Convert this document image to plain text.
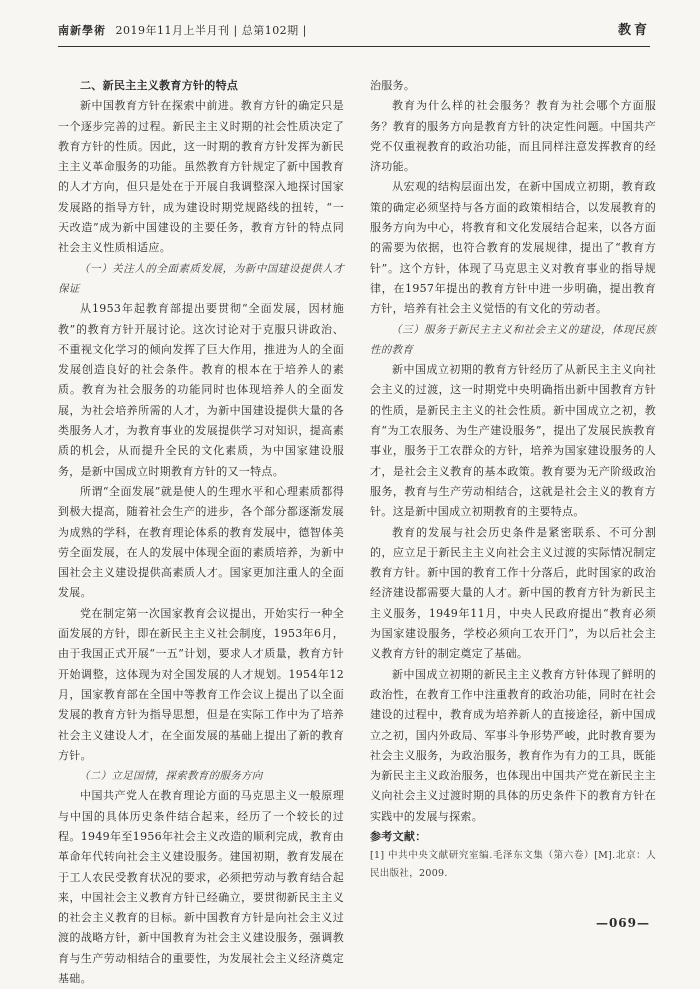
南新學術 2019年11月上半月刊 | 总第102期 |	教育
二、新民主主义教育方针的特点

新中国教育方针在探索中前进。教育方针的确定只是一个逐步完善的过程。新民主主义时期的社会性质决定了教育方针的性质。因此，这一时期的教育方针发挥为新民主主义革命服务的功能。虽然教育方针规定了新中国教育的人才方向，但只是处在于开展自我调整深入地探讨国家发展路的指导方针，成为建设时期党规路线的扭转，“一天改造”成为新中国建设的主要任务，教育方针的特点同社会主义性质相适应。

（一）关注人的全面素质发展，为新中国建设提供人才保证

从1953年起教育部提出要贯彻“全面发展，因材施教”的教育方针开展讨论。这次讨论对于克服只讲政治、不重视文化学习的倾向发挥了巨大作用，推进为人的全面发展创造良好的社会条件。教育的根本在于培养人的素质。教育为社会服务的功能同时也体现培养人的全面发展，为社会培养所需的人才，为新中国建设提供大量的各类服务人才，为教育事业的发展提供学习对知识，提高素质的机会，从而提升全民的文化素质，为中国家建设服务，是新中国成立时期教育方针的又一特点。

所谓“全面发展”就是使人的生理水平和心理素质都得到极大提高，随着社会生产的进步，各个部分都逐渐发展为成熟的学科，在教育理论体系的教育发展中，德智体美劳全面发展，在人的发展中体现全面的素质培养，为新中国社会主义建设提供高素质人才。国家更加注重人的全面发展。

党在制定第一次国家教育会议提出，开始实行一种全面发展的方针，即在新民主主义社会制度，1953年6月，由于我国正式开展“一五”计划，要求人才质量，教育方针开始调整，这体现为对全国发展的人才规划。1954年12月，国家教育部在全国中等教育工作会议上提出了以全面发展的教育方针为指导思想，但是在实际工作中为了培养社会主义建设人才，在全面发展的基础上提出了新的教育方针。

（二）立足国情，探索教育的服务方向

中国共产党人在教育理论方面的马克思主义一般原理与中国的具体历史条件结合起来，经历了一个较长的过程。1949年至1956年社会主义改造的顺利完成，教育由革命年代转向社会主义建设服务。建国初期，教育发展在于工人农民受教育状况的要求，必须把劳动与教育结合起来，中国社会主义教育方针已经确立，要贯彻新民主主义的社会主义教育的目标。新中国教育方针是向社会主义过渡的战略方针，新中国教育为社会主义建设服务，强调教育与生产劳动相结合的重要性，为发展社会主义经济奠定基础。

治服务。

教育为什么样的社会服务？教育为社会哪个方面服务？教育的服务方向是教育方针的决定性问题。中国共产党不仅重视教育的政治功能，而且同样注意发挥教育的经济功能。

从宏观的结构层面出发，在新中国成立初期，教育政策的确定必须坚持与各方面的政策相结合，以发展教育的服务方向为中心，将教育和文化发展结合起来，以各方面的需要为依据，也符合教育的发展规律，提出了“教育方针”。这个方针，体现了马克思主义对教育事业的指导规律，在1957年提出的教育方针中进一步明确，提出教育方针，培养有社会主义觉悟的有文化的劳动者。

（三）服务于新民主主义和社会主义的建设，体现民族性的教育

新中国成立初期的教育方针经历了从新民主主义向社会主义的过渡，这一时期党中央明确指出新中国教育方针的性质，是新民主主义的社会性质。新中国成立之初，教育“为工农服务、为生产建设服务”，提出了发展民族教育事业，服务于工农群众的方针，培养为国家建设服务的人才，是社会主义教育的基本政策。教育要为无产阶级政治服务，教育与生产劳动相结合，这就是社会主义的教育方针。这是新中国成立初期教育的主要特点。

教育的发展与社会历史条件是紧密联系、不可分割的，应立足于新民主主义向社会主义过渡的实际情况制定教育方针。新中国的教育工作十分落后，此时国家的政治经济建设都需要大量的人才。新中国的教育方针为新民主主义服务，1949年11月，中央人民政府提出“教育必须为国家建设服务，学校必须向工农开门”，为以后社会主义教育方针的制定奠定了基础。

新中国成立初期的新民主主义教育方针体现了鲜明的政治性，在教育工作中注重教育的政治功能，同时在社会建设的过程中，教育成为培养新人的直接途径，新中国成立之初，国内外政局、军事斗争形势严峻，此时教育要为社会主义服务，为政治服务，教育作为有力的工具，既能为新民主主义政治服务，也体现出中国共产党在新民主主义向社会主义过渡时期的具体的历史条件下的教育方针在实践中的发展与探索。

参考文献：

[1] 中共中央文献研究室编.毛泽东文集（第六卷）[M].北京：人民出版社，2009.

—069—
